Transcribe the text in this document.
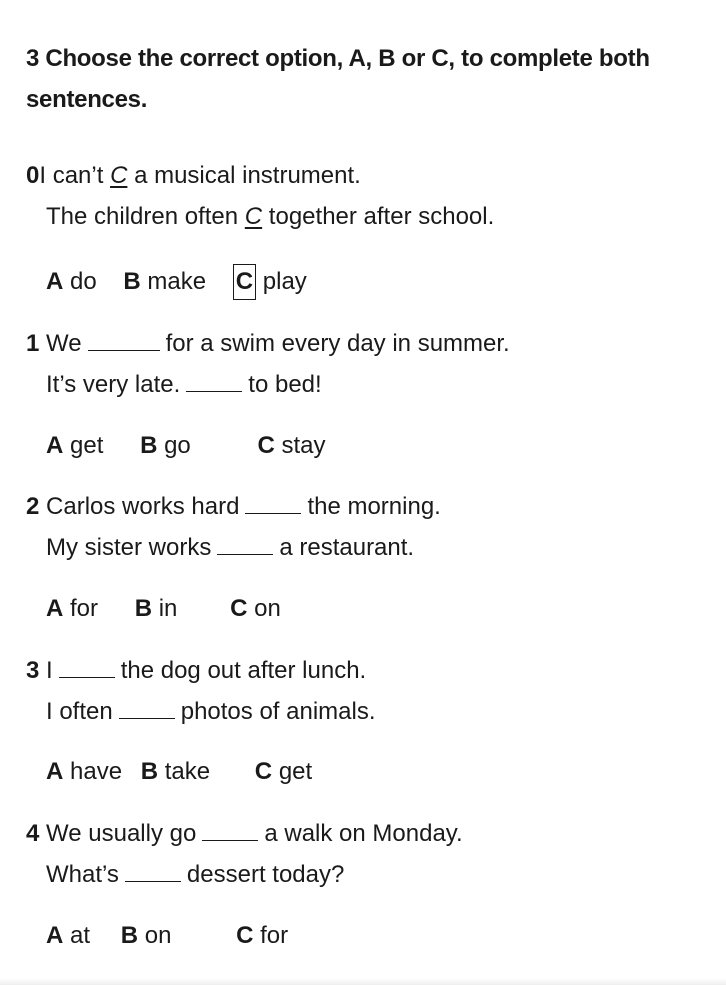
3 Choose the correct option, A, B or C, to complete both sentences.
0I can’t C a musical instrument.
The children often C together after school.
A do B make C play
1 We	for a swim every day in summer.
It’s very late.	to bed!
A get B go	C stay
2 Carlos works hard	the morning.
My sister works	a restaurant.
A for B in C on
3 I	the dog out after lunch.
I often	photos of animals.
A have B take C get
4 We usually go	a walk on Monday.
What’s	dessert today?
A at B on	C for
